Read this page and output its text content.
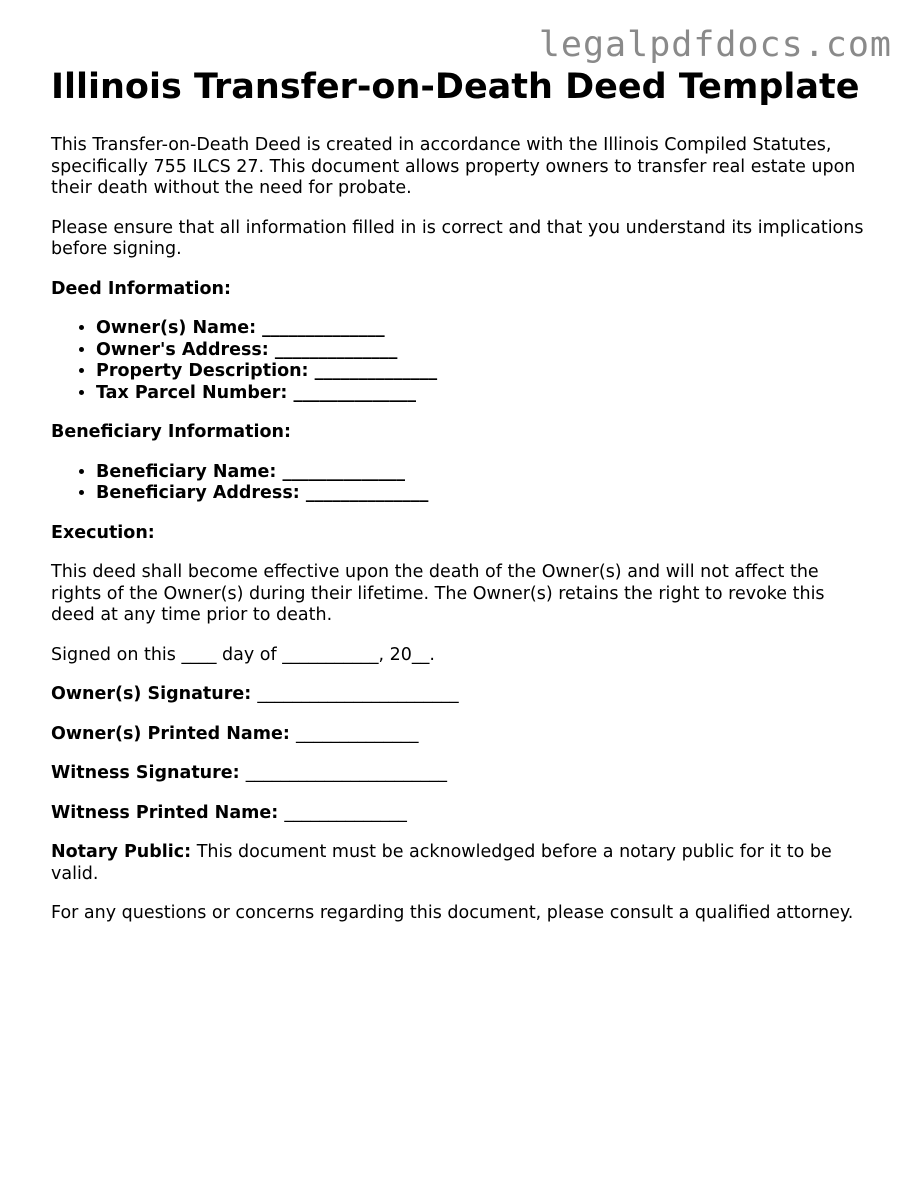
legalpdfdocs.com
Illinois Transfer-on-Death Deed Template

This Transfer-on-Death Deed is created in accordance with the Illinois Compiled Statutes, specifically 755 ILCS 27. This document allows property owners to transfer real estate upon their death without the need for probate.

Please ensure that all information filled in is correct and that you understand its implications before signing.

Deed Information:

• Owner(s) Name: ______________
• Owner's Address: ______________
• Property Description: ______________
• Tax Parcel Number: ______________

Beneficiary Information:

• Beneficiary Name: ______________
• Beneficiary Address: ______________

Execution:

This deed shall become effective upon the death of the Owner(s) and will not affect the rights of the Owner(s) during their lifetime. The Owner(s) retains the right to revoke this deed at any time prior to death.

Signed on this ____ day of ___________, 20__.

Owner(s) Signature: _______________________

Owner(s) Printed Name: ______________

Witness Signature: _______________________

Witness Printed Name: ______________

Notary Public: This document must be acknowledged before a notary public for it to be valid.

For any questions or concerns regarding this document, please consult a qualified attorney.
